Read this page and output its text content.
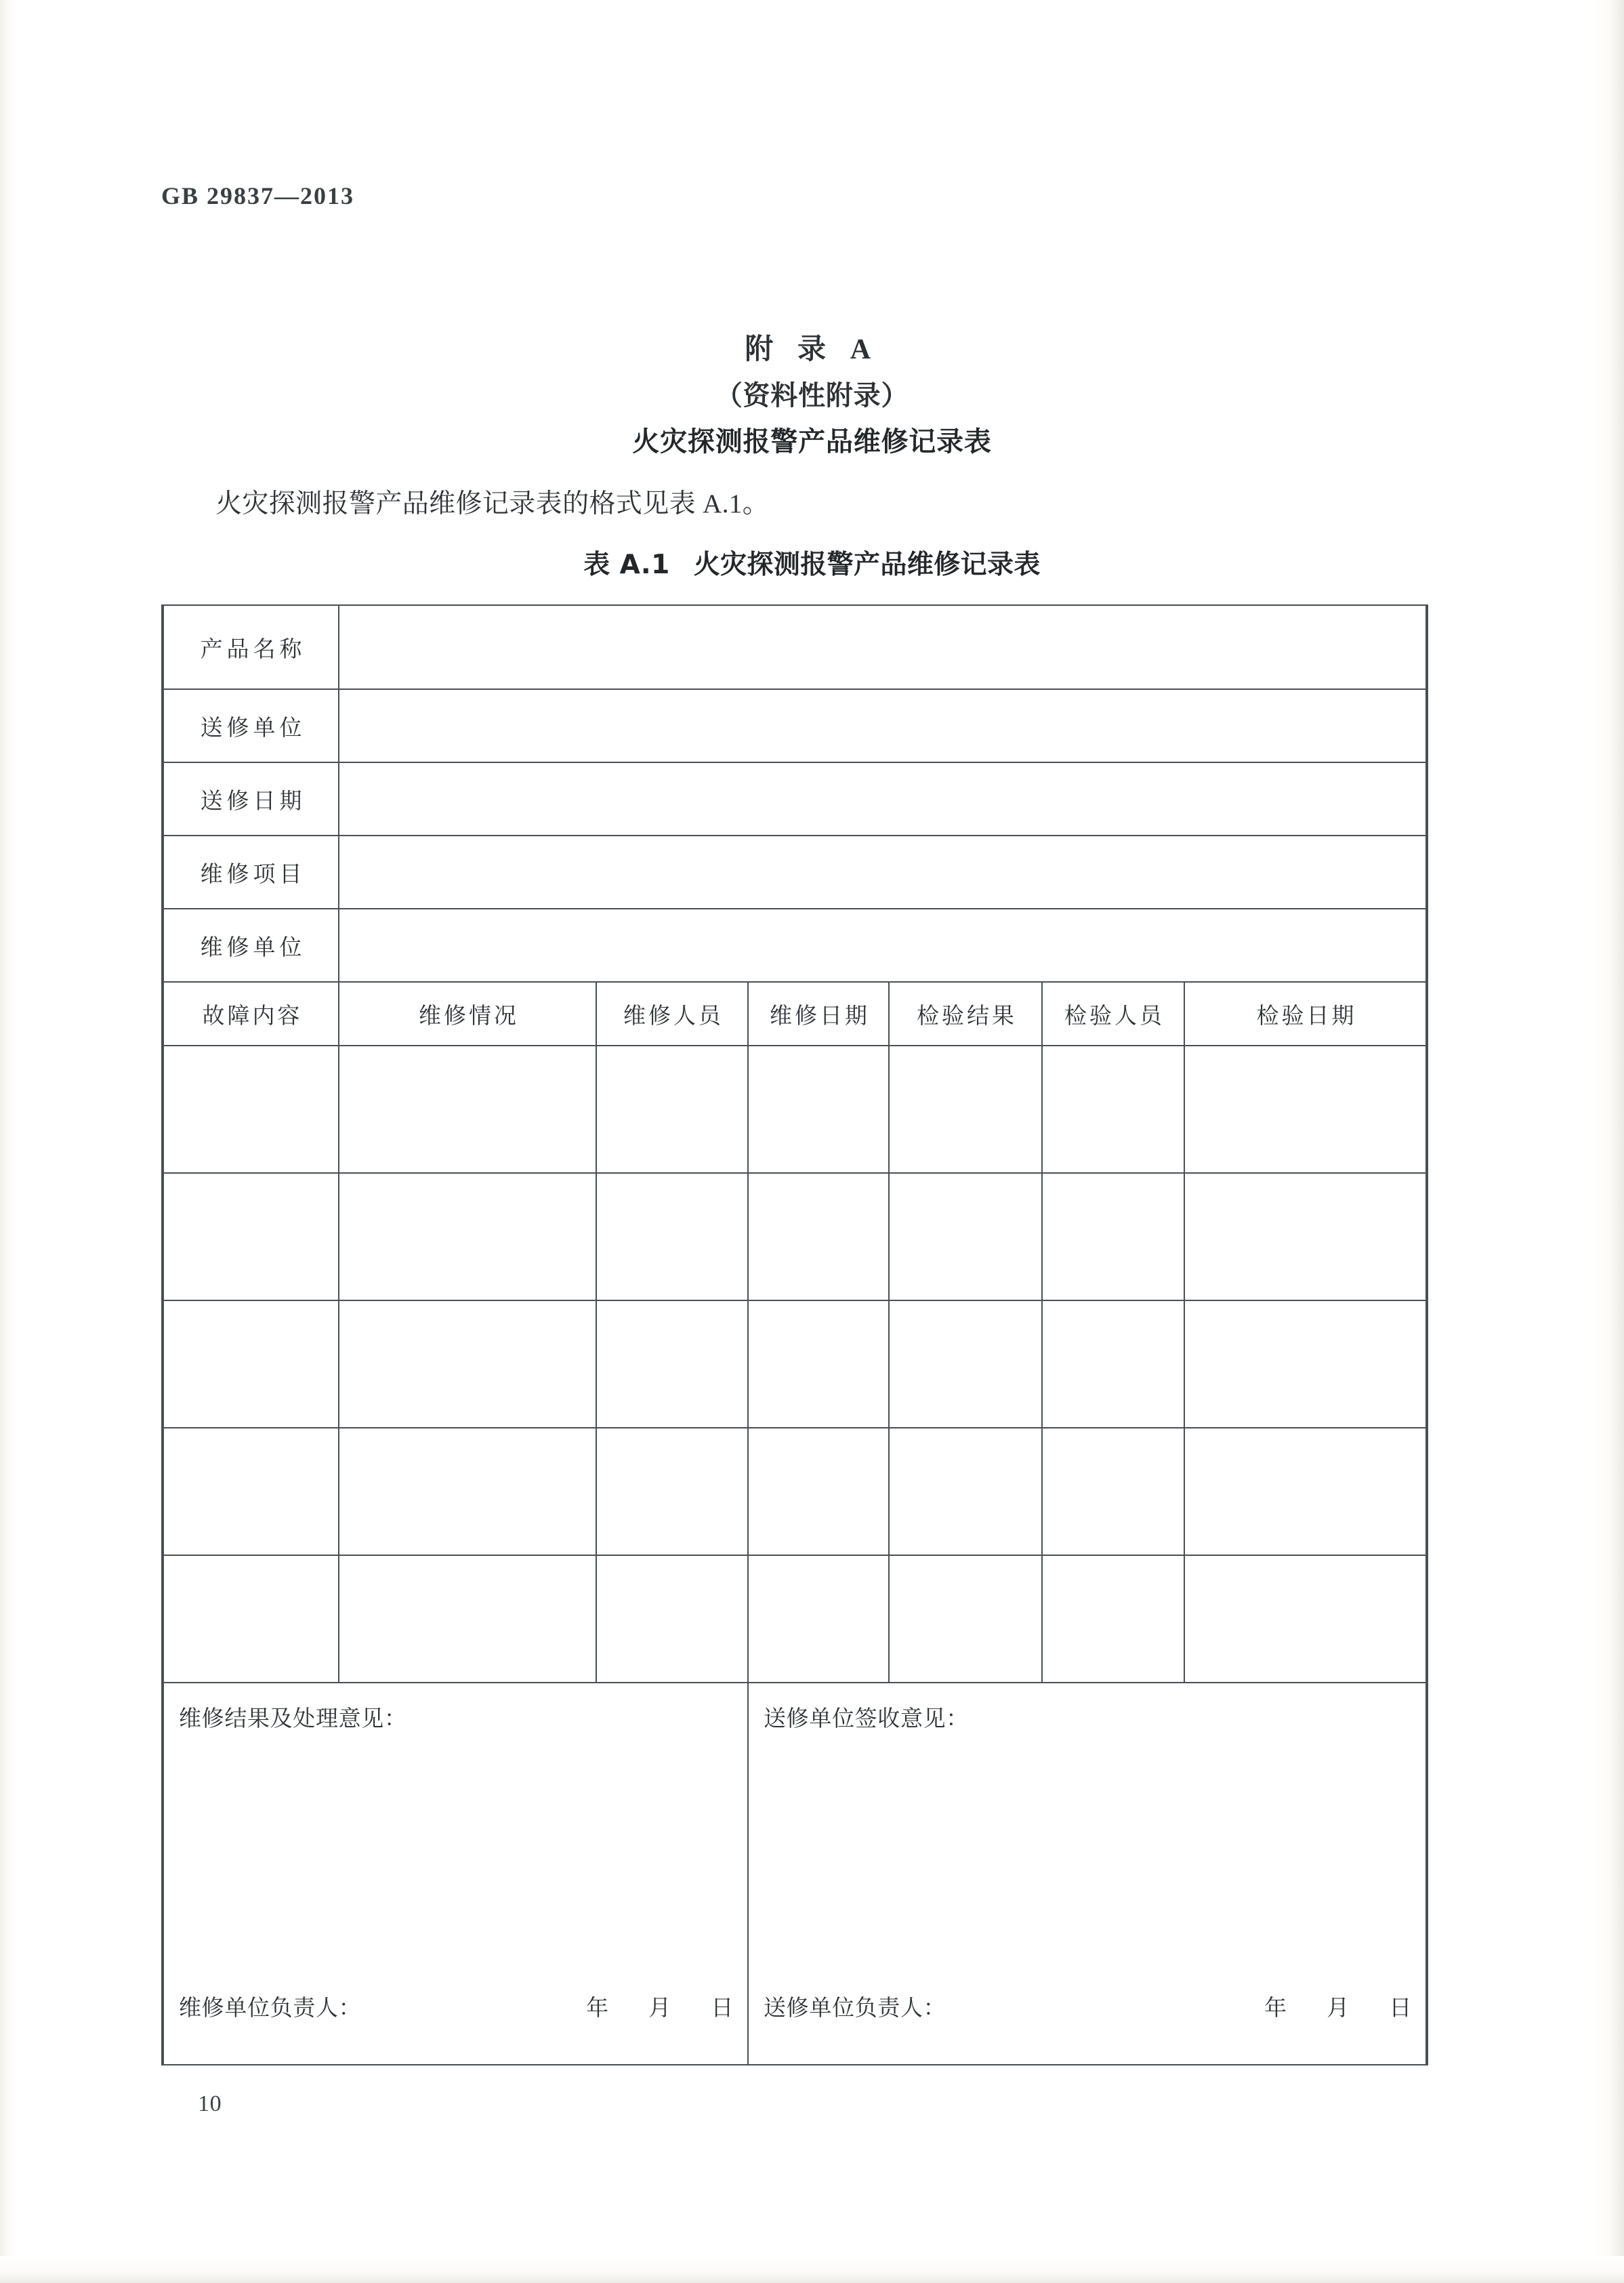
GB 29837—2013
附 录 A
（资料性附录）
火灾探测报警产品维修记录表
火灾探测报警产品维修记录表的格式见表 A.1。
表 A.1 火灾探测报警产品维修记录表
产品名称						
送修单位						
送修日期						
维修项目						
维修单位						
故障内容	维修情况	维修人员	维修日期	检验结果	检验人员	检验日期

维修结果及处理意见：			送修单位签收意见：			

维修单位负责人： 年 月 日			送修单位负责人： 年 月 日			
10
